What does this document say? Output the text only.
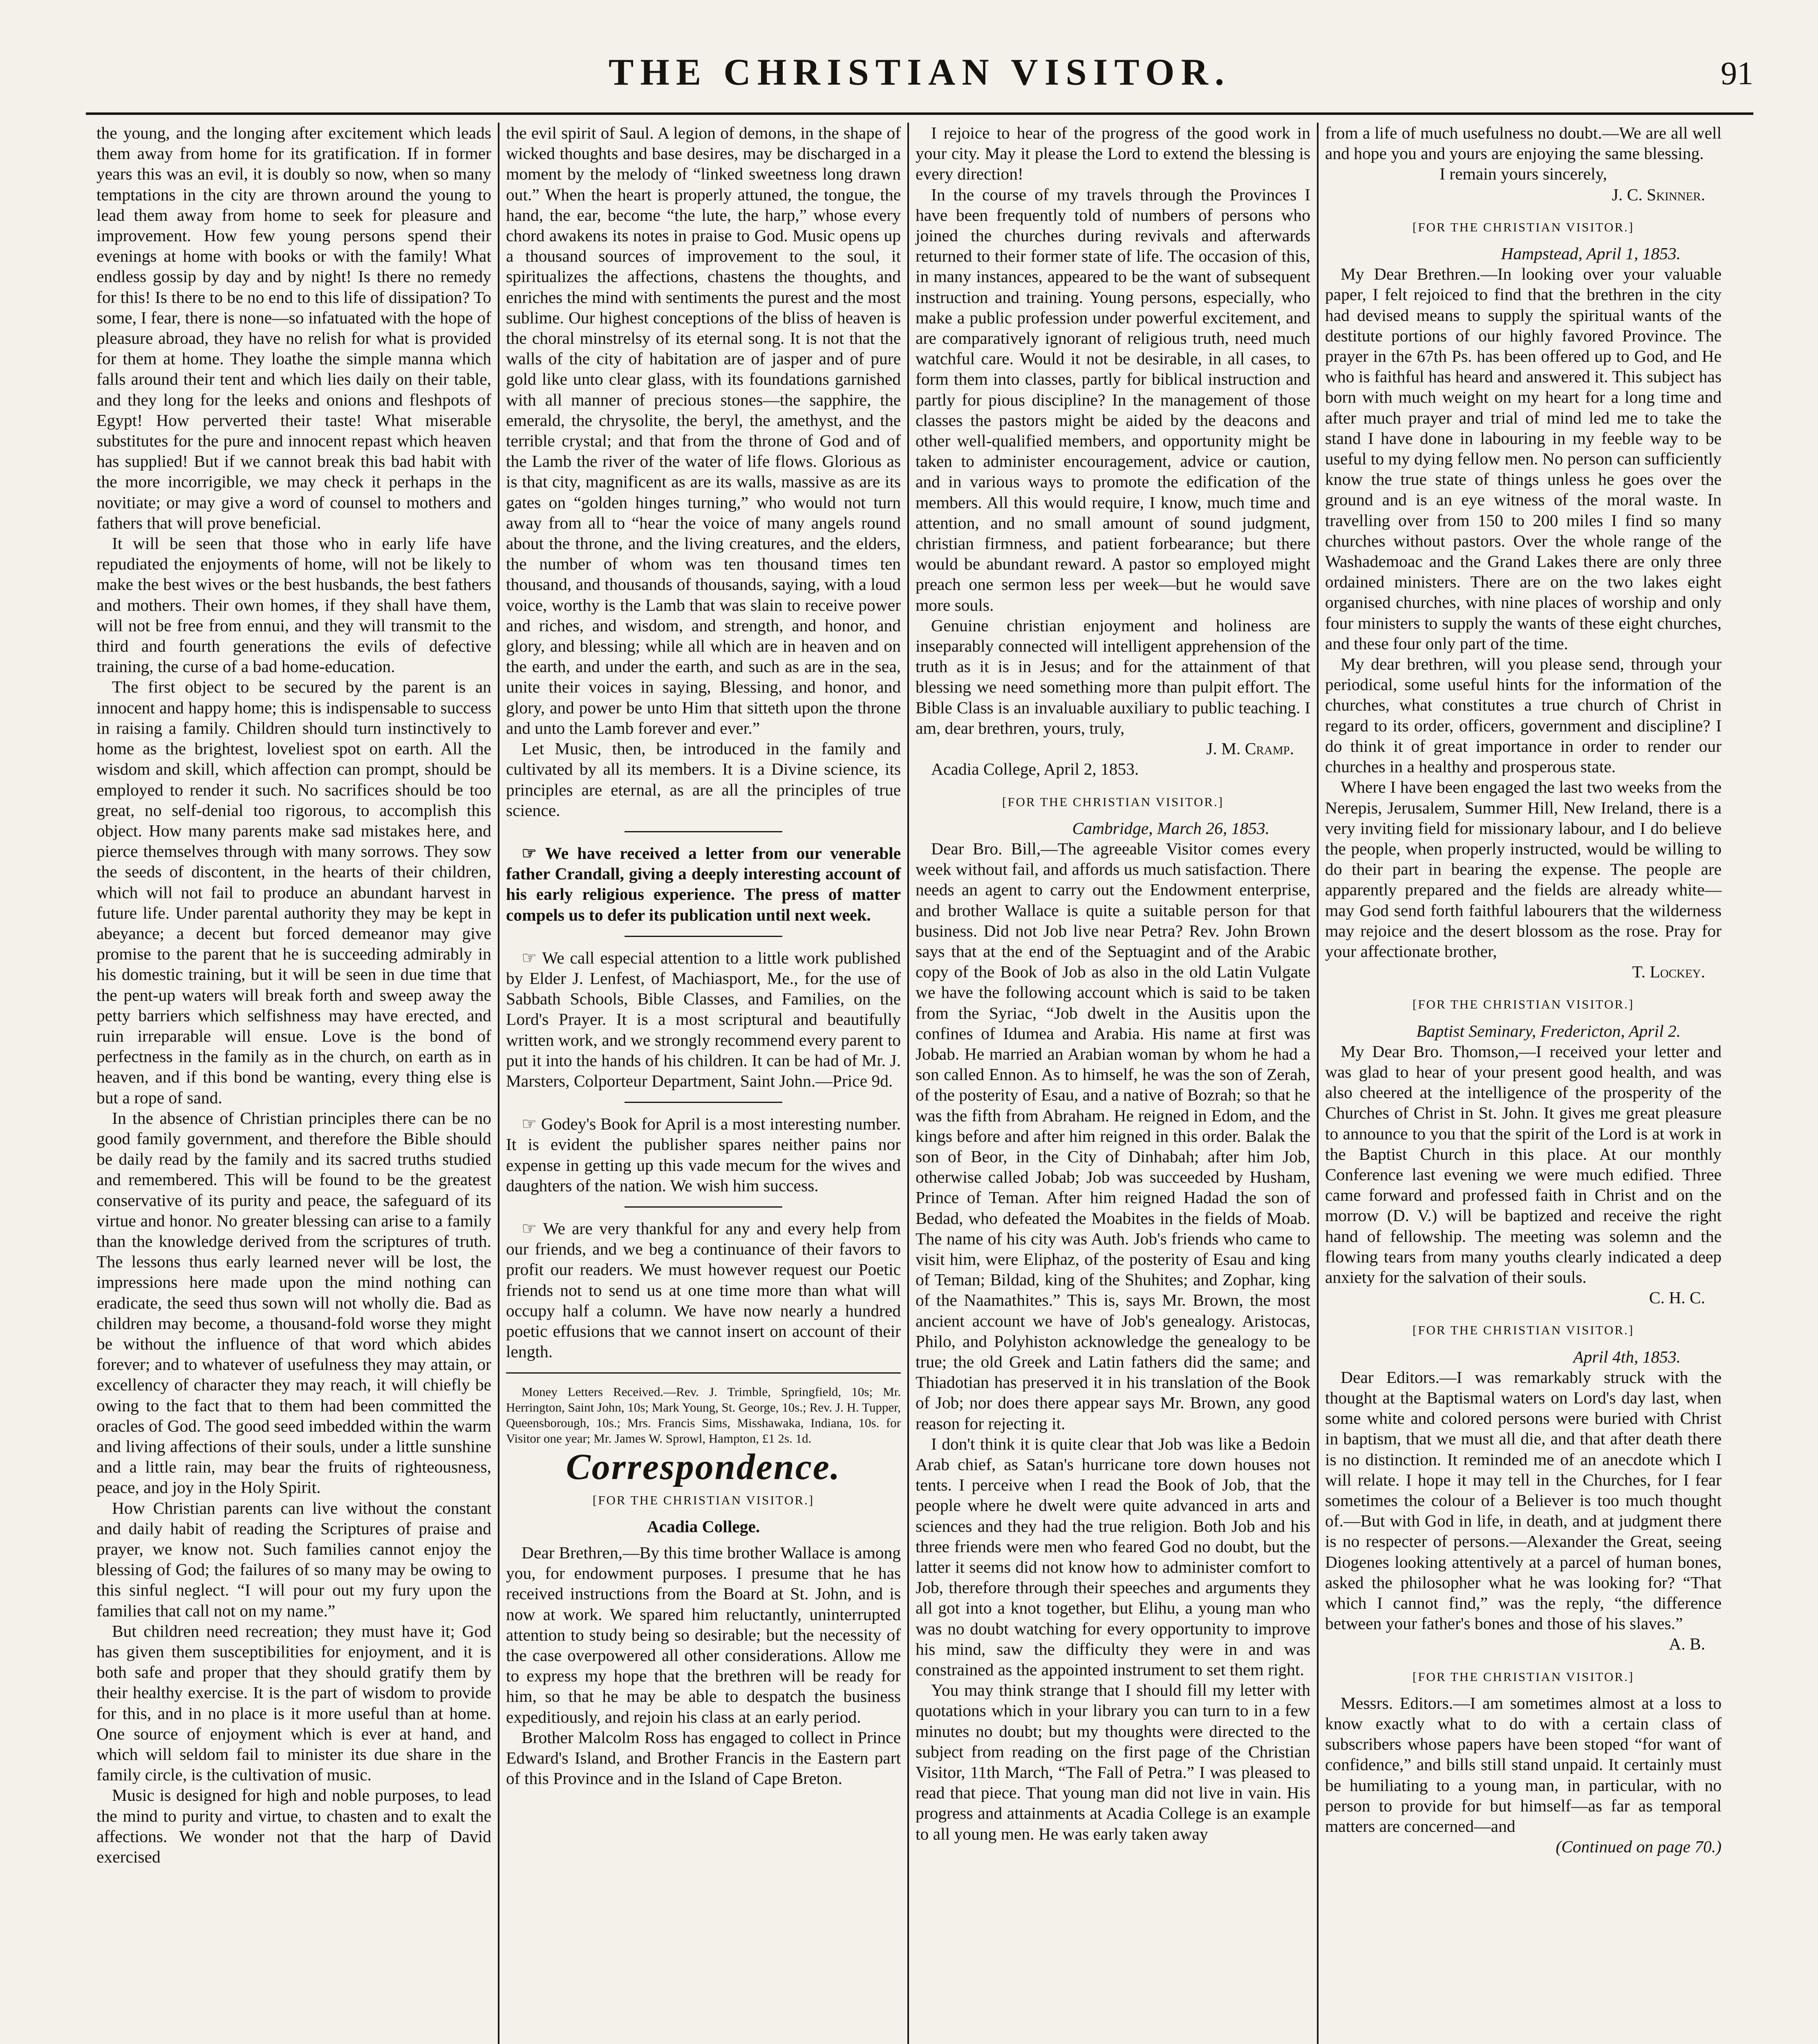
THE CHRISTIAN VISITOR.	91

the young, and the longing after excitement which leads them away from home for its gratification. If in former years this was an evil, it is doubly so now, when so many temptations in the city are thrown around the young to lead them away from home to seek for pleasure and improvement. How few young persons spend their evenings at home with books or with the family! What endless gossip by day and by night! Is there no remedy for this! Is there to be no end to this life of dissipation? To some, I fear, there is none—so infatuated with the hope of pleasure abroad, they have no relish for what is provided for them at home. They loathe the simple manna which falls around their tent and which lies daily on their table, and they long for the leeks and onions and fleshpots of Egypt! How perverted their taste! What miserable substitutes for the pure and innocent repast which heaven has supplied! But if we cannot break this bad habit with the more incorrigible, we may check it perhaps in the novitiate; or may give a word of counsel to mothers and fathers that will prove beneficial.

It will be seen that those who in early life have repudiated the enjoyments of home, will not be likely to make the best wives or the best husbands, the best fathers and mothers. Their own homes, if they shall have them, will not be free from ennui, and they will transmit to the third and fourth generations the evils of defective training, the curse of a bad home-education.

The first object to be secured by the parent is an innocent and happy home; this is indispensable to success in raising a family. Children should turn instinctively to home as the brightest, loveliest spot on earth. All the wisdom and skill, which affection can prompt, should be employed to render it such. No sacrifices should be too great, no self-denial too rigorous, to accomplish this object. How many parents make sad mistakes here, and pierce themselves through with many sorrows. They sow the seeds of discontent, in the hearts of their children, which will not fail to produce an abundant harvest in future life. Under parental authority they may be kept in abeyance; a decent but forced demeanor may give promise to the parent that he is succeeding admirably in his domestic training, but it will be seen in due time that the pent-up waters will break forth and sweep away the petty barriers which selfishness may have erected, and ruin irreparable will ensue. Love is the bond of perfectness in the family as in the church, on earth as in heaven, and if this bond be wanting, every thing else is but a rope of sand.

In the absence of Christian principles there can be no good family government, and therefore the Bible should be daily read by the family and its sacred truths studied and remembered. This will be found to be the greatest conservative of its purity and peace, the safeguard of its virtue and honor. No greater blessing can arise to a family than the knowledge derived from the scriptures of truth. The lessons thus early learned never will be lost, the impressions here made upon the mind nothing can eradicate, the seed thus sown will not wholly die. Bad as children may become, a thousand-fold worse they might be without the influence of that word which abides forever; and to whatever of usefulness they may attain, or excellency of character they may reach, it will chiefly be owing to the fact that to them had been committed the oracles of God. The good seed imbedded within the warm and living affections of their souls, under a little sunshine and a little rain, may bear the fruits of righteousness, peace, and joy in the Holy Spirit.

How Christian parents can live without the constant and daily habit of reading the Scriptures of praise and prayer, we know not. Such families cannot enjoy the blessing of God; the failures of so many may be owing to this sinful neglect. “I will pour out my fury upon the families that call not on my name.”

But children need recreation; they must have it; God has given them susceptibilities for enjoyment, and it is both safe and proper that they should gratify them by their healthy exercise. It is the part of wisdom to provide for this, and in no place is it more useful than at home. One source of enjoyment which is ever at hand, and which will seldom fail to minister its due share in the family circle, is the cultivation of music.

Music is designed for high and noble purposes, to lead the mind to purity and virtue, to chasten and to exalt the affections. We wonder not that the harp of David exercised

the evil spirit of Saul. A legion of demons, in the shape of wicked thoughts and base desires, may be discharged in a moment by the melody of “linked sweetness long drawn out.” When the heart is properly attuned, the tongue, the hand, the ear, become “the lute, the harp,” whose every chord awakens its notes in praise to God. Music opens up a thousand sources of improvement to the soul, it spiritualizes the affections, chastens the thoughts, and enriches the mind with sentiments the purest and the most sublime. Our highest conceptions of the bliss of heaven is the choral minstrelsy of its eternal song. It is not that the walls of the city of habitation are of jasper and of pure gold like unto clear glass, with its foundations garnished with all manner of precious stones—the sapphire, the emerald, the chrysolite, the beryl, the amethyst, and the terrible crystal; and that from the throne of God and of the Lamb the river of the water of life flows. Glorious as is that city, magnificent as are its walls, massive as are its gates on “golden hinges turning,” who would not turn away from all to “hear the voice of many angels round about the throne, and the living creatures, and the elders, the number of whom was ten thousand times ten thousand, and thousands of thousands, saying, with a loud voice, worthy is the Lamb that was slain to receive power and riches, and wisdom, and strength, and honor, and glory, and blessing; while all which are in heaven and on the earth, and under the earth, and such as are in the sea, unite their voices in saying, Blessing, and honor, and glory, and power be unto Him that sitteth upon the throne and unto the Lamb forever and ever.”

Let Music, then, be introduced in the family and cultivated by all its members. It is a Divine science, its principles are eternal, as are all the principles of true science.

☞ We have received a letter from our venerable father Crandall, giving a deeply interesting account of his early religious experience. The press of matter compels us to defer its publication until next week.

☞ We call especial attention to a little work published by Elder J. Lenfest, of Machiasport, Me., for the use of Sabbath Schools, Bible Classes, and Families, on the Lord's Prayer. It is a most scriptural and beautifully written work, and we strongly recommend every parent to put it into the hands of his children. It can be had of Mr. J. Marsters, Colporteur Department, Saint John.—Price 9d.

☞ Godey's Book for April is a most interesting number. It is evident the publisher spares neither pains nor expense in getting up this vade mecum for the wives and daughters of the nation. We wish him success.

☞ We are very thankful for any and every help from our friends, and we beg a continuance of their favors to profit our readers. We must however request our Poetic friends not to send us at one time more than what will occupy half a column. We have now nearly a hundred poetic effusions that we cannot insert on account of their length.

Money Letters Received.—Rev. J. Trimble, Springfield, 10s; Mr. Herrington, Saint John, 10s; Mark Young, St. George, 10s.; Rev. J. H. Tupper, Queensborough, 10s.; Mrs. Francis Sims, Misshawaka, Indiana, 10s. for Visitor one year; Mr. James W. Sprowl, Hampton, £1 2s. 1d.

Correspondence.
[FOR THE CHRISTIAN VISITOR.]
Acadia College.

Dear Brethren,—By this time brother Wallace is among you, for endowment purposes. I presume that he has received instructions from the Board at St. John, and is now at work. We spared him reluctantly, uninterrupted attention to study being so desirable; but the necessity of the case overpowered all other considerations. Allow me to express my hope that the brethren will be ready for him, so that he may be able to despatch the business expeditiously, and rejoin his class at an early period.

Brother Malcolm Ross has engaged to collect in Prince Edward's Island, and Brother Francis in the Eastern part of this Province and in the Island of Cape Breton.

I rejoice to hear of the progress of the good work in your city. May it please the Lord to extend the blessing is every direction!

In the course of my travels through the Provinces I have been frequently told of numbers of persons who joined the churches during revivals and afterwards returned to their former state of life. The occasion of this, in many instances, appeared to be the want of subsequent instruction and training. Young persons, especially, who make a public profession under powerful excitement, and are comparatively ignorant of religious truth, need much watchful care. Would it not be desirable, in all cases, to form them into classes, partly for biblical instruction and partly for pious discipline? In the management of those classes the pastors might be aided by the deacons and other well-qualified members, and opportunity might be taken to administer encouragement, advice or caution, and in various ways to promote the edification of the members. All this would require, I know, much time and attention, and no small amount of sound judgment, christian firmness, and patient forbearance; but there would be abundant reward. A pastor so employed might preach one sermon less per week—but he would save more souls.

Genuine christian enjoyment and holiness are inseparably connected will intelligent apprehension of the truth as it is in Jesus; and for the attainment of that blessing we need something more than pulpit effort. The Bible Class is an invaluable auxiliary to public teaching. I am, dear brethren, yours, truly,

J. M. Cramp.

Acadia College, April 2, 1853.

[FOR THE CHRISTIAN VISITOR.]

Cambridge, March 26, 1853.

Dear Bro. Bill,—The agreeable Visitor comes every week without fail, and affords us much satisfaction. There needs an agent to carry out the Endowment enterprise, and brother Wallace is quite a suitable person for that business. Did not Job live near Petra? Rev. John Brown says that at the end of the Septuagint and of the Arabic copy of the Book of Job as also in the old Latin Vulgate we have the following account which is said to be taken from the Syriac, “Job dwelt in the Ausitis upon the confines of Idumea and Arabia. His name at first was Jobab. He married an Arabian woman by whom he had a son called Ennon. As to himself, he was the son of Zerah, of the posterity of Esau, and a native of Bozrah; so that he was the fifth from Abraham. He reigned in Edom, and the kings before and after him reigned in this order. Balak the son of Beor, in the City of Dinhabah; after him Job, otherwise called Jobab; Job was succeeded by Husham, Prince of Teman. After him reigned Hadad the son of Bedad, who defeated the Moabites in the fields of Moab. The name of his city was Auth. Job's friends who came to visit him, were Eliphaz, of the posterity of Esau and king of Teman; Bildad, king of the Shuhites; and Zophar, king of the Naamathites.” This is, says Mr. Brown, the most ancient account we have of Job's genealogy. Aristocas, Philo, and Polyhiston acknowledge the genealogy to be true; the old Greek and Latin fathers did the same; and Thiadotian has preserved it in his translation of the Book of Job; nor does there appear says Mr. Brown, any good reason for rejecting it.

I don't think it is quite clear that Job was like a Bedoin Arab chief, as Satan's hurricane tore down houses not tents. I perceive when I read the Book of Job, that the people where he dwelt were quite advanced in arts and sciences and they had the true religion. Both Job and his three friends were men who feared God no doubt, but the latter it seems did not know how to administer comfort to Job, therefore through their speeches and arguments they all got into a knot together, but Elihu, a young man who was no doubt watching for every opportunity to improve his mind, saw the difficulty they were in and was constrained as the appointed instrument to set them right.

You may think strange that I should fill my letter with quotations which in your library you can turn to in a few minutes no doubt; but my thoughts were directed to the subject from reading on the first page of the Christian Visitor, 11th March, “The Fall of Petra.” I was pleased to read that piece. That young man did not live in vain. His progress and attainments at Acadia College is an example to all young men. He was early taken away

from a life of much usefulness no doubt.—We are all well and hope you and yours are enjoying the same blessing.

I remain yours sincerely,

J. C. Skinner.

[FOR THE CHRISTIAN VISITOR.]

Hampstead, April 1, 1853.

My Dear Brethren.—In looking over your valuable paper, I felt rejoiced to find that the brethren in the city had devised means to supply the spiritual wants of the destitute portions of our highly favored Province. The prayer in the 67th Ps. has been offered up to God, and He who is faithful has heard and answered it. This subject has born with much weight on my heart for a long time and after much prayer and trial of mind led me to take the stand I have done in labouring in my feeble way to be useful to my dying fellow men. No person can sufficiently know the true state of things unless he goes over the ground and is an eye witness of the moral waste. In travelling over from 150 to 200 miles I find so many churches without pastors. Over the whole range of the Washademoac and the Grand Lakes there are only three ordained ministers. There are on the two lakes eight organised churches, with nine places of worship and only four ministers to supply the wants of these eight churches, and these four only part of the time.

My dear brethren, will you please send, through your periodical, some useful hints for the information of the churches, what constitutes a true church of Christ in regard to its order, officers, government and discipline? I do think it of great importance in order to render our churches in a healthy and prosperous state.

Where I have been engaged the last two weeks from the Nerepis, Jerusalem, Summer Hill, New Ireland, there is a very inviting field for missionary labour, and I do believe the people, when properly instructed, would be willing to do their part in bearing the expense. The people are apparently prepared and the fields are already white—may God send forth faithful labourers that the wilderness may rejoice and the desert blossom as the rose. Pray for your affectionate brother,

T. Lockey.

[FOR THE CHRISTIAN VISITOR.]

Baptist Seminary, Fredericton, April 2.

My Dear Bro. Thomson,—I received your letter and was glad to hear of your present good health, and was also cheered at the intelligence of the prosperity of the Churches of Christ in St. John. It gives me great pleasure to announce to you that the spirit of the Lord is at work in the Baptist Church in this place. At our monthly Conference last evening we were much edified. Three came forward and professed faith in Christ and on the morrow (D. V.) will be baptized and receive the right hand of fellowship. The meeting was solemn and the flowing tears from many youths clearly indicated a deep anxiety for the salvation of their souls.

C. H. C.

[FOR THE CHRISTIAN VISITOR.]

April 4th, 1853.

Dear Editors.—I was remarkably struck with the thought at the Baptismal waters on Lord's day last, when some white and colored persons were buried with Christ in baptism, that we must all die, and that after death there is no distinction. It reminded me of an anecdote which I will relate. I hope it may tell in the Churches, for I fear sometimes the colour of a Believer is too much thought of.—But with God in life, in death, and at judgment there is no respecter of persons.—Alexander the Great, seeing Diogenes looking attentively at a parcel of human bones, asked the philosopher what he was looking for? “That which I cannot find,” was the reply, “the difference between your father's bones and those of his slaves.”

A. B.

[FOR THE CHRISTIAN VISITOR.]

Messrs. Editors.—I am sometimes almost at a loss to know exactly what to do with a certain class of subscribers whose papers have been stoped “for want of confidence,” and bills still stand unpaid. It certainly must be humiliating to a young man, in particular, with no person to provide for but himself—as far as temporal matters are concerned—and

(Continued on page 70.)
